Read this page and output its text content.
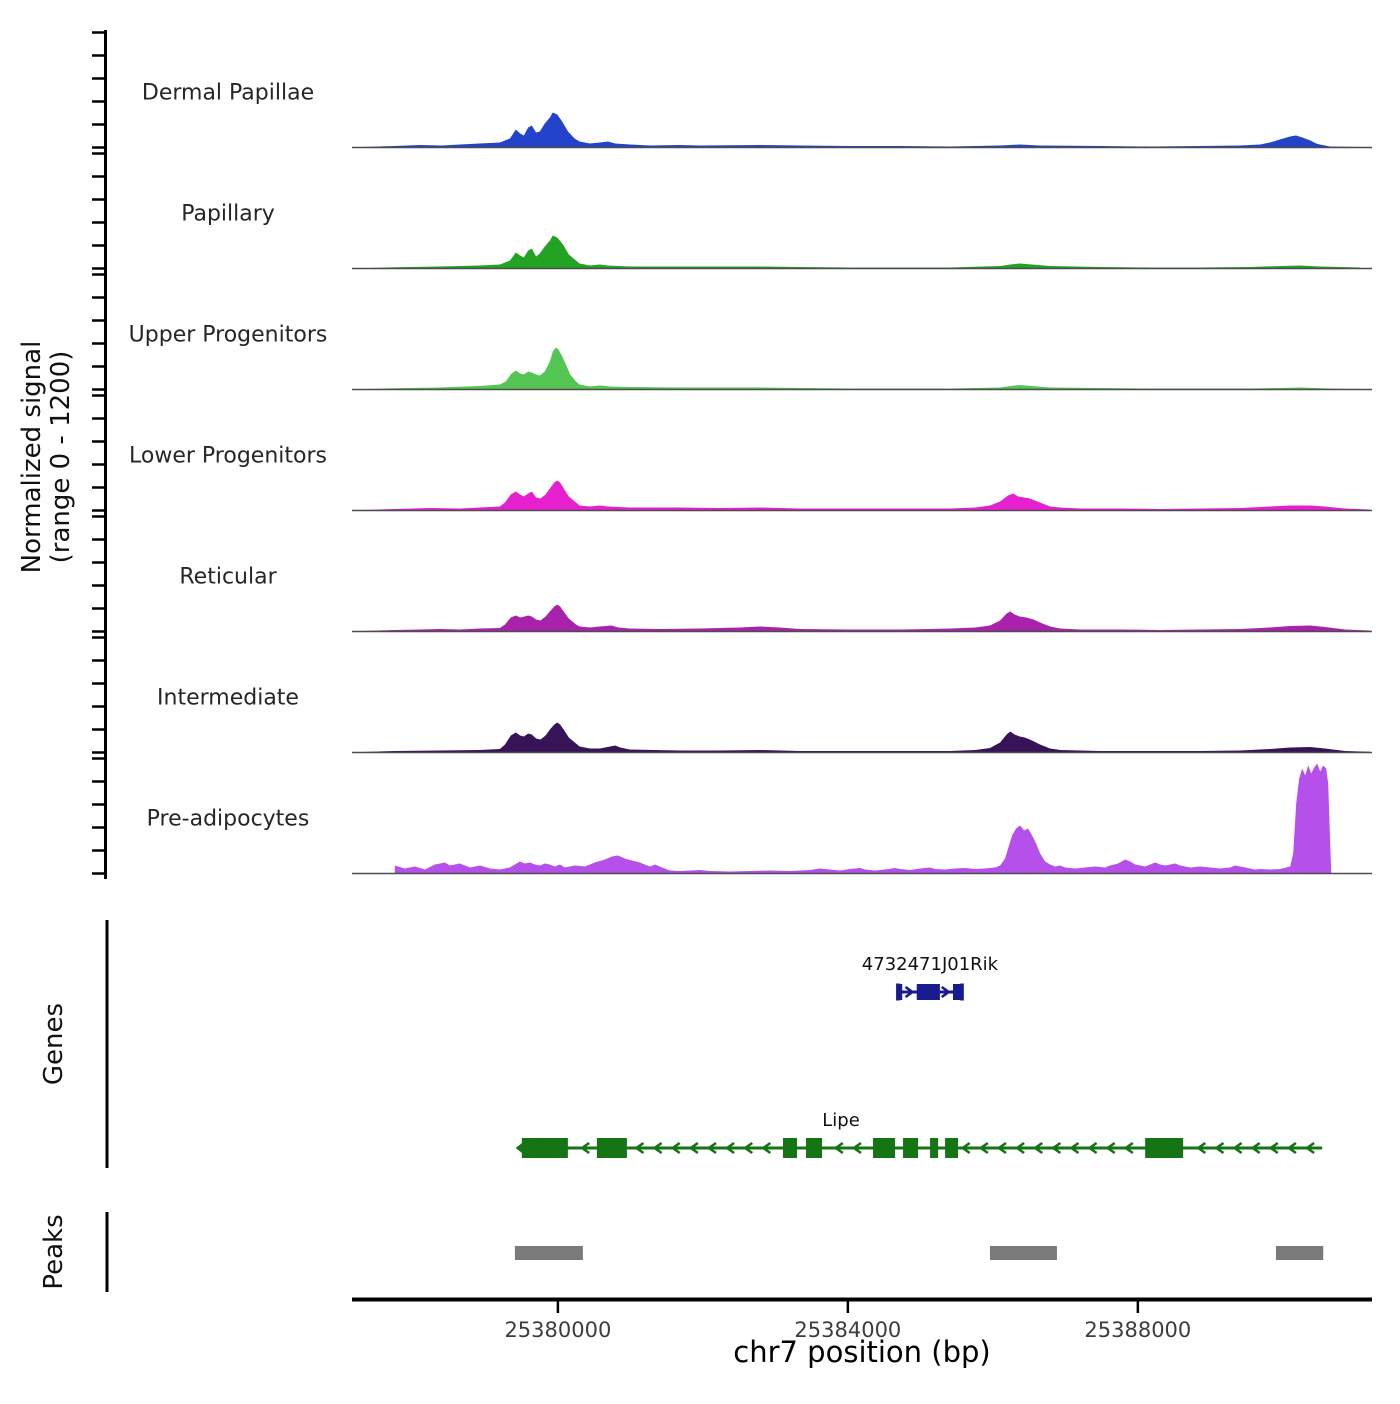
Normalized signal (range 0 - 1200)
Dermal Papillae
Papillary
Upper Progenitors
Lower Progenitors
Reticular
Intermediate
Pre-adipocytes
Genes
4732471J01Rik
Lipe
Peaks
25380000	25384000	25388000
chr7 position (bp)
